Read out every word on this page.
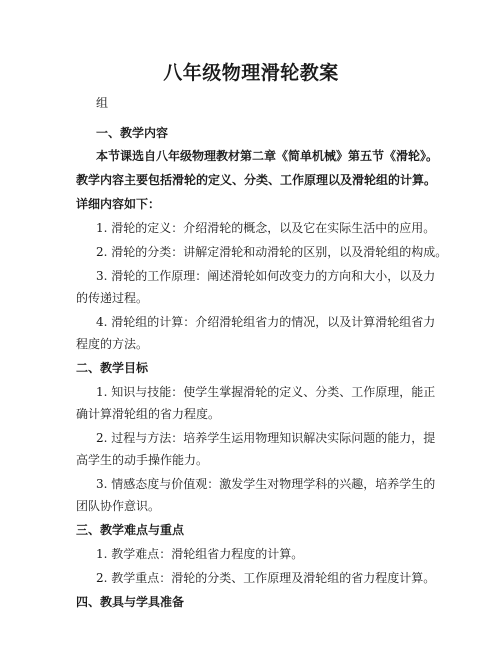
八年级物理滑轮教案
组
一、教学内容
本节课选自八年级物理教材第二章《简单机械》第五节《滑轮》。
教学内容主要包括滑轮的定义、分类、工作原理以及滑轮组的计算。
详细内容如下：
1. 滑轮的定义：介绍滑轮的概念，以及它在实际生活中的应用。
2. 滑轮的分类：讲解定滑轮和动滑轮的区别，以及滑轮组的构成。
3. 滑轮的工作原理：阐述滑轮如何改变力的方向和大小，以及力
的传递过程。
4. 滑轮组的计算：介绍滑轮组省力的情况，以及计算滑轮组省力
程度的方法。
二、教学目标
1. 知识与技能：使学生掌握滑轮的定义、分类、工作原理，能正
确计算滑轮组的省力程度。
2. 过程与方法：培养学生运用物理知识解决实际问题的能力，提
高学生的动手操作能力。
3. 情感态度与价值观：激发学生对物理学科的兴趣，培养学生的
团队协作意识。
三、教学难点与重点
1. 教学难点：滑轮组省力程度的计算。
2. 教学重点：滑轮的分类、工作原理及滑轮组的省力程度计算。
四、教具与学具准备
